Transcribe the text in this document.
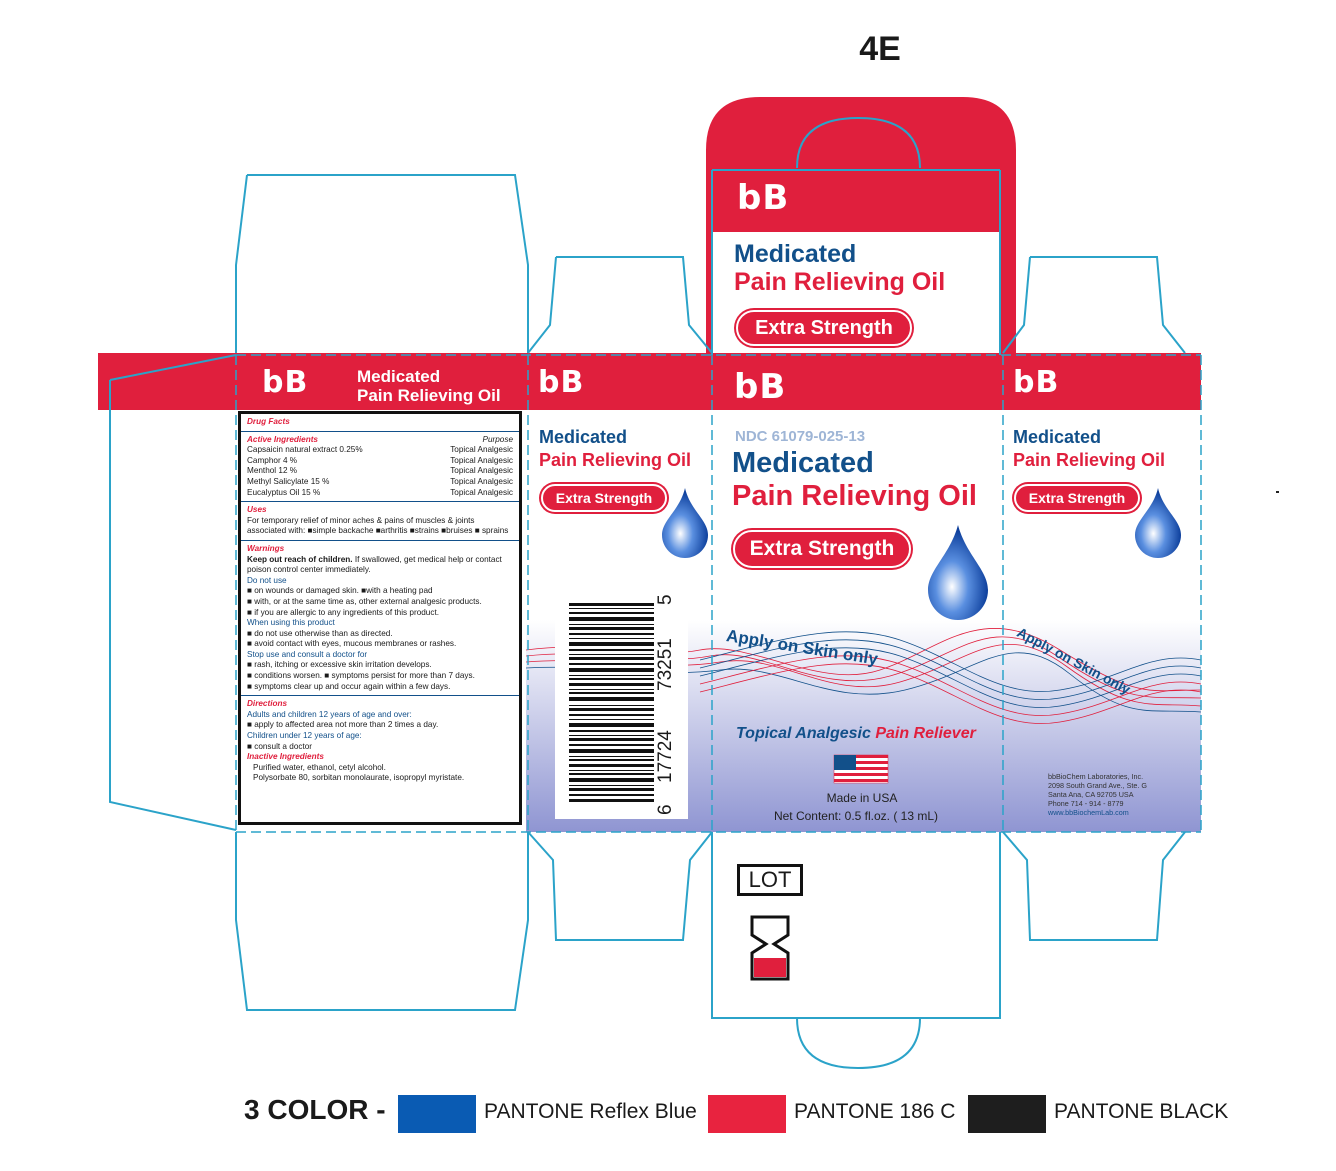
4E
bB	Medicated
Pain Relieving Oil
Drug Facts
Active Ingredients	Purpose
Capsaicin natural extract 0.25%	Topical Analgesic
Camphor 4 %	Topical Analgesic
Menthol 12 %	Topical Analgesic
Methyl Salicylate 15 %	Topical Analgesic
Eucalyptus Oil 15 %	Topical Analgesic
Uses
For temporary relief of minor aches & pains of muscles & joints associated with: ■simple backache ■arthritis ■strains ■bruises ■ sprains
Warnings
Keep out reach of children. If swallowed, get medical help or contact poison control center immediately.
Do not use
■ on wounds or damaged skin. ■with a heating pad
■ with, or at the same time as, other external analgesic products.
■ if you are allergic to any ingredients of this product.
When using this product
■ do not use otherwise than as directed.
■ avoid contact with eyes, mucous membranes or rashes.
Stop use and consult a doctor for
■ rash, itching or excessive skin irritation develops.
■ conditions worsen. ■ symptoms persist for more than 7 days.
■ symptoms clear up and occur again within a few days.
Directions
Adults and children 12 years of age and over:
■ apply to affected area not more than 2 times a day.
Children under 12 years of age:
■ consult a doctor
Inactive Ingredients
Purified water, ethanol, cetyl alcohol.
Polysorbate 80, sorbitan monolaurate, isopropyl myristate.
bB
Medicated
Pain Relieving Oil
Extra Strength
5
73251
17724
6
bB
Medicated
Pain Relieving Oil
Extra Strength
bB
NDC 61079-025-13
Medicated
Pain Relieving Oil
Extra Strength
Apply on Skin only
Topical Analgesic Pain Reliever
Made in USA
Net Content: 0.5 fl.oz. ( 13 mL)
bB
Medicated
Pain Relieving Oil
Extra Strength
Apply on Skin only
bbBioChem Laboratories, Inc.
2098 South Grand Ave., Ste. G
Santa Ana, CA 92705 USA
Phone 714 - 914 - 8779
www.bbBiochemLab.com
LOT
3 COLOR -	PANTONE Reflex Blue	PANTONE 186 C	PANTONE BLACK
